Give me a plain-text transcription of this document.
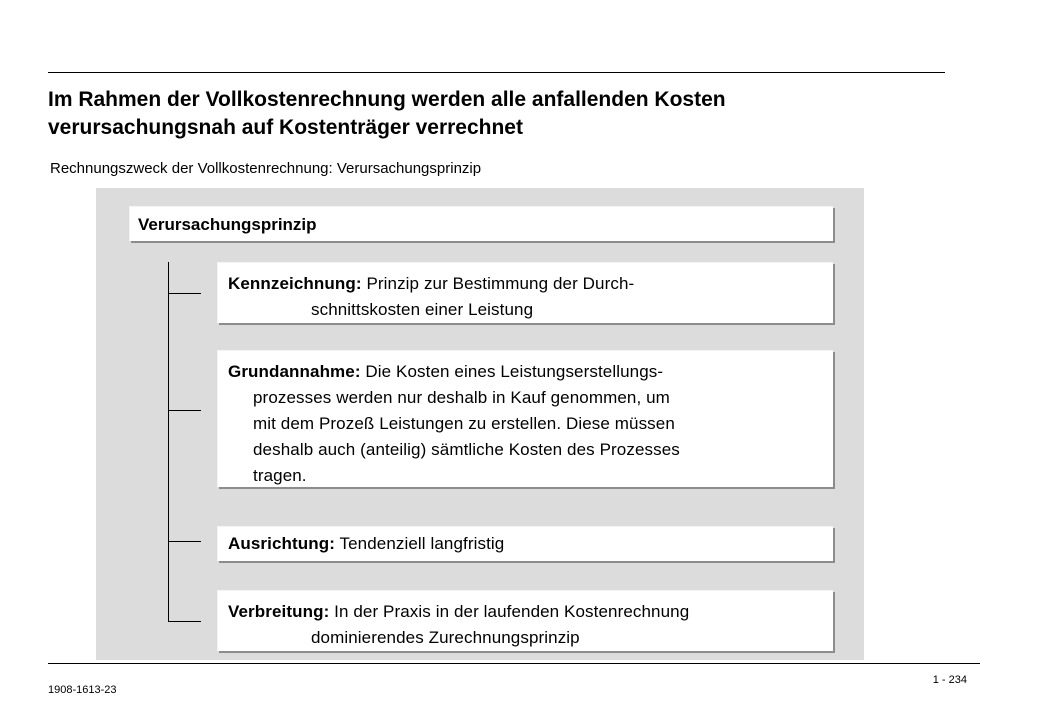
Im Rahmen der Vollkostenrechnung werden alle anfallenden Kosten
verursachungsnah auf Kostenträger verrechnet
Rechnungszweck der Vollkostenrechnung: Verursachungsprinzip
Verursachungsprinzip
Kennzeichnung: Prinzip zur Bestimmung der Durch-
schnittskosten einer Leistung
Grundannahme: Die Kosten eines Leistungserstellungs-
prozesses werden nur deshalb in Kauf genommen, um
mit dem Prozeß Leistungen zu erstellen. Diese müssen
deshalb auch (anteilig) sämtliche Kosten des Prozesses
tragen.
Ausrichtung: Tendenziell langfristig
Verbreitung: In der Praxis in der laufenden Kostenrechnung
dominierendes Zurechnungsprinzip
1 - 234
1908-1613-23
